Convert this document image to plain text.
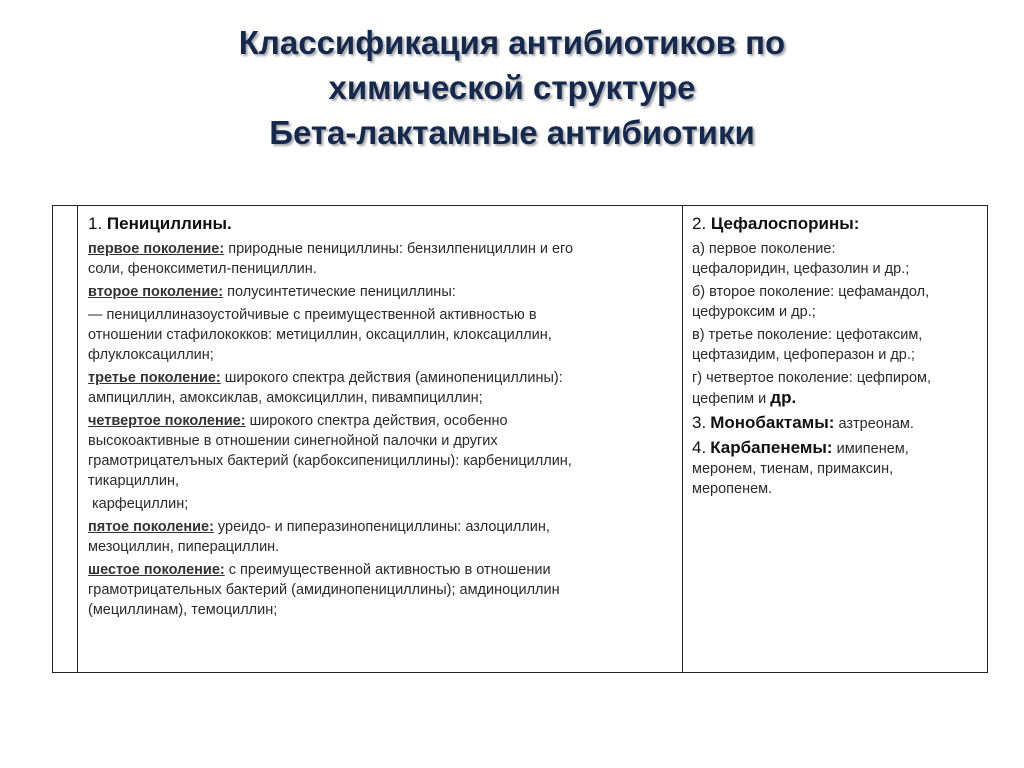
Классификация антибиотиков по
химической структуре
Бета-лактамные антибиотики
1. Пенициллины.
первое поколение: природные пенициллины: бензилпенициллин и его
соли, феноксиметил-пенициллин.
второе поколение: полусинтетические пенициллины:
— пенициллиназоустойчивые с преимущественной активностью в
отношении стафилококков: метициллин, оксациллин, клоксациллин,
флуклоксациллин;
третье поколение: широкого спектра действия (аминопенициллины):
ампициллин, амоксиклав, амоксициллин, пивампициллин;
четвертое поколение: широкого спектра действия, особенно
высокоактивные в отношении синегнойной палочки и других
грамотрицателъных бактерий (карбоксипенициллины): карбенициллин,
тикарциллин,
карфециллин;
пятое поколение: уреидо- и пиперазинопенициллины: азлоциллин,
мезоциллин, пиперациллин.
шестое поколение: с преимущественной активностью в отношении
грамотрицательных бактерий (амидинопенициллины); амдиноциллин
(мециллинам), темоциллин;
2. Цефалоспорины:
а) первое поколение:
цефалоридин, цефазолин и др.;
б) второе поколение: цефамандол,
цефуроксим и др.;
в) третье поколение: цефотаксим,
цефтазидим, цефоперазон и др.;
г) четвертое поколение: цефпиром,
цефепим и др.
3. Монобактамы: азтреонам.
4. Карбапенемы: имипенем,
меронем, тиенам, примаксин,
меропенем.
